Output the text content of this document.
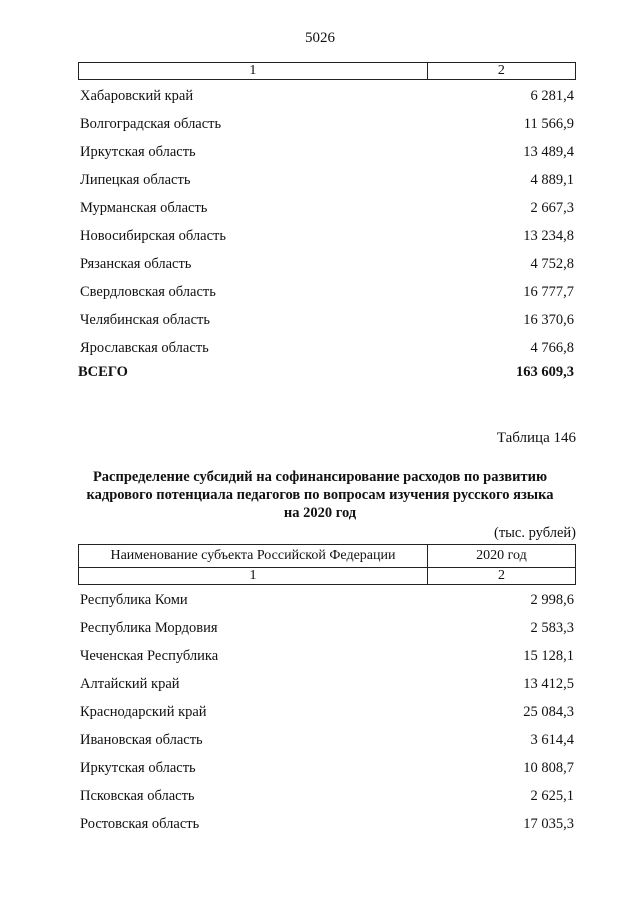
5026
1	2
Хабаровский край	6 281,4
Волгоградская область	11 566,9
Иркутская область	13 489,4
Липецкая область	4 889,1
Мурманская область	2 667,3
Новосибирская область	13 234,8
Рязанская область	4 752,8
Свердловская область	16 777,7
Челябинская область	16 370,6
Ярославская область	4 766,8
ВСЕГО	163 609,3
Таблица 146
Распределение субсидий на софинансирование расходов по развитию
кадрового потенциала педагогов по вопросам изучения русского языка
на 2020 год
(тыс. рублей)
Наименование субъекта Российской Федерации	2020 год
1	2
Республика Коми	2 998,6
Республика Мордовия	2 583,3
Чеченская Республика	15 128,1
Алтайский край	13 412,5
Краснодарский край	25 084,3
Ивановская область	3 614,4
Иркутская область	10 808,7
Псковская область	2 625,1
Ростовская область	17 035,3
